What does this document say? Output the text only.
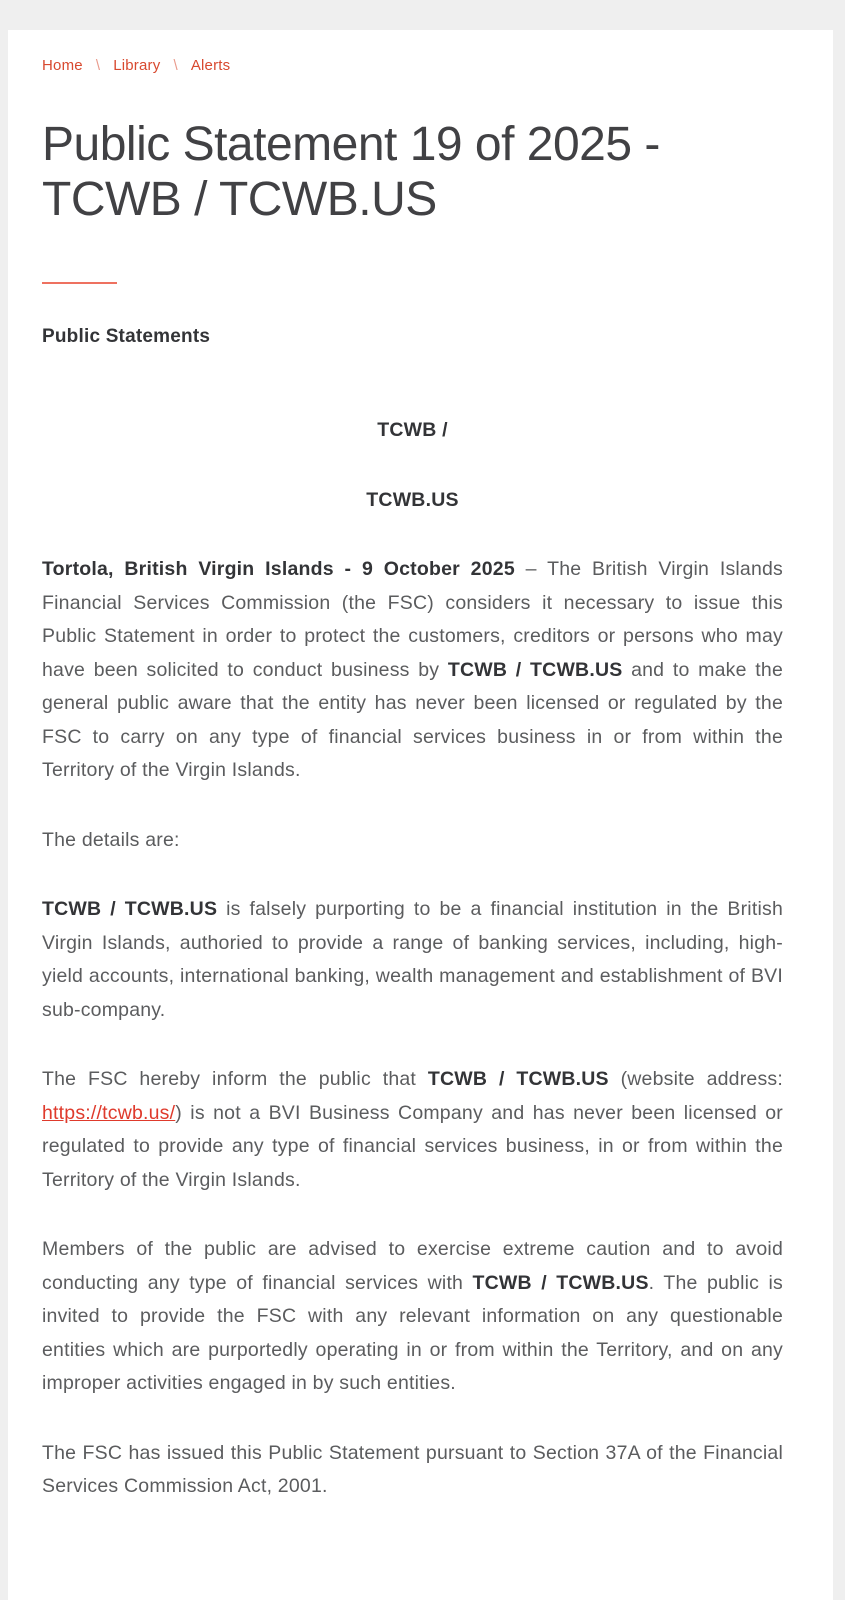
Home \ Library \ Alerts
Public Statement 19 of 2025 - TCWB / TCWB.US
Public Statements

TCWB /

TCWB.US

Tortola, British Virgin Islands - 9 October 2025 – The British Virgin Islands Financial Services Commission (the FSC) considers it necessary to issue this Public Statement in order to protect the customers, creditors or persons who may have been solicited to conduct business by TCWB / TCWB.US and to make the general public aware that the entity has never been licensed or regulated by the FSC to carry on any type of financial services business in or from within the Territory of the Virgin Islands.

The details are:

TCWB / TCWB.US is falsely purporting to be a financial institution in the British Virgin Islands, authoried to provide a range of banking services, including, high-yield accounts, international banking, wealth management and establishment of BVI sub-company.

The FSC hereby inform the public that TCWB / TCWB.US (website address: https://tcwb.us/) is not a BVI Business Company and has never been licensed or regulated to provide any type of financial services business, in or from within the Territory of the Virgin Islands.

Members of the public are advised to exercise extreme caution and to avoid conducting any type of financial services with TCWB / TCWB.US. The public is invited to provide the FSC with any relevant information on any questionable entities which are purportedly operating in or from within the Territory, and on any improper activities engaged in by such entities.

The FSC has issued this Public Statement pursuant to Section 37A of the Financial Services Commission Act, 2001.
